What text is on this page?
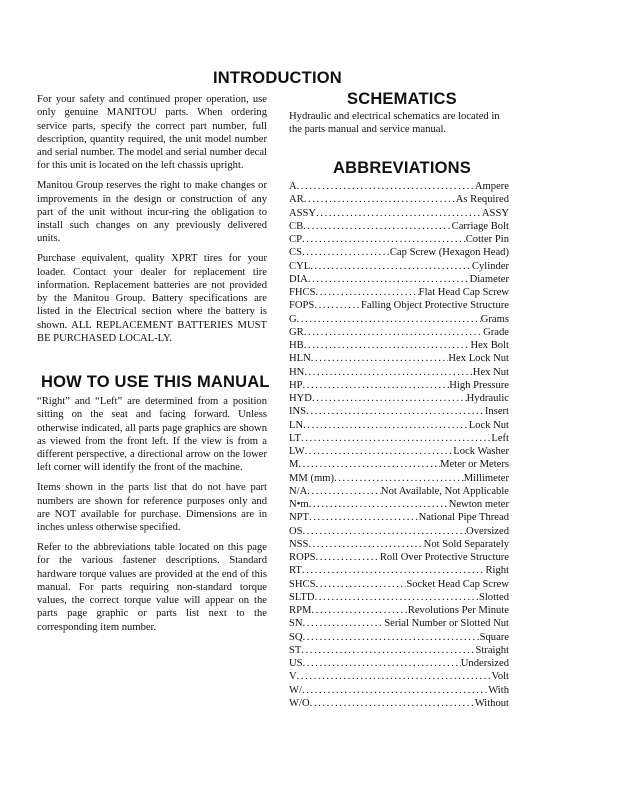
INTRODUCTION

For your safety and continued proper operation, use only genuine MANITOU parts. When ordering service parts, specify the correct part number, full description, quantity required, the unit model number and serial number. The model and serial number decal for this unit is located on the left chassis upright.

Manitou Group reserves the right to make changes or improvements in the design or construction of any part of the unit without incur-ring the obligation to install such changes on any previously delivered units.

Purchase equivalent, quality XPRT tires for your loader. Contact your dealer for replacement tire information. Replacement batteries are not provided by the Manitou Group. Battery specifications are listed in the Electrical section where the battery is shown. ALL REPLACEMENT BATTERIES MUST BE PURCHASED LOCAL-LY.

HOW TO USE THIS MANUAL

“Right” and “Left” are determined from a position sitting on the seat and facing forward. Unless otherwise indicated, all parts page graphics are shown as viewed from the front left. If the view is from a different perspective, a directional arrow on the lower left corner will identify the front of the machine.

Items shown in the parts list that do not have part numbers are shown for reference purposes only and are NOT available for purchase. Dimensions are in inches unless otherwise specified.

Refer to the abbreviations table located on this page for the various fastener descriptions. Standard hardware torque values are provided at the end of this manual. For parts requiring non-standard torque values, the correct torque value will appear on the parts page graphic or parts list next to the corresponding item number.

SCHEMATICS
Hydraulic and electrical schematics are located in the parts manual and service manual.
ABBREVIATIONS
A .....	Ampere
AR .....	As Required
ASSY .....	ASSY
CB .....	Carriage Bolt
CP .....	Cotter Pin
CS .....	Cap Screw (Hexagon Head)
CYL .....	Cylinder
DIA .....	Diameter
FHCS .....	Flat Head Cap Screw
FOPS .....	Falling Object Protective Structure
G .....	Grams
GR .....	Grade
HB .....	Hex Bolt
HLN .....	Hex Lock Nut
HN .....	Hex Nut
HP .....	High Pressure
HYD .....	Hydraulic
INS .....	Insert
LN .....	Lock Nut
LT .....	Left
LW .....	Lock Washer
M .....	Meter or Meters
MM (mm) .....	Millimeter
N/A .....	Not Available, Not Applicable
N•m .....	Newton meter
NPT .....	National Pipe Thread
OS .....	Oversized
NSS .....	Not Sold Separately
ROPS .....	Roll Over Protective Structure
RT .....	Right
SHCS .....	Socket Head Cap Screw
SLTD .....	Slotted
RPM .....	Revolutions Per Minute
SN .....	Serial Number or Slotted Nut
SQ .....	Square
ST .....	Straight
US .....	Undersized
V .....	Volt
W/ .....	With
W/O .....	Without
